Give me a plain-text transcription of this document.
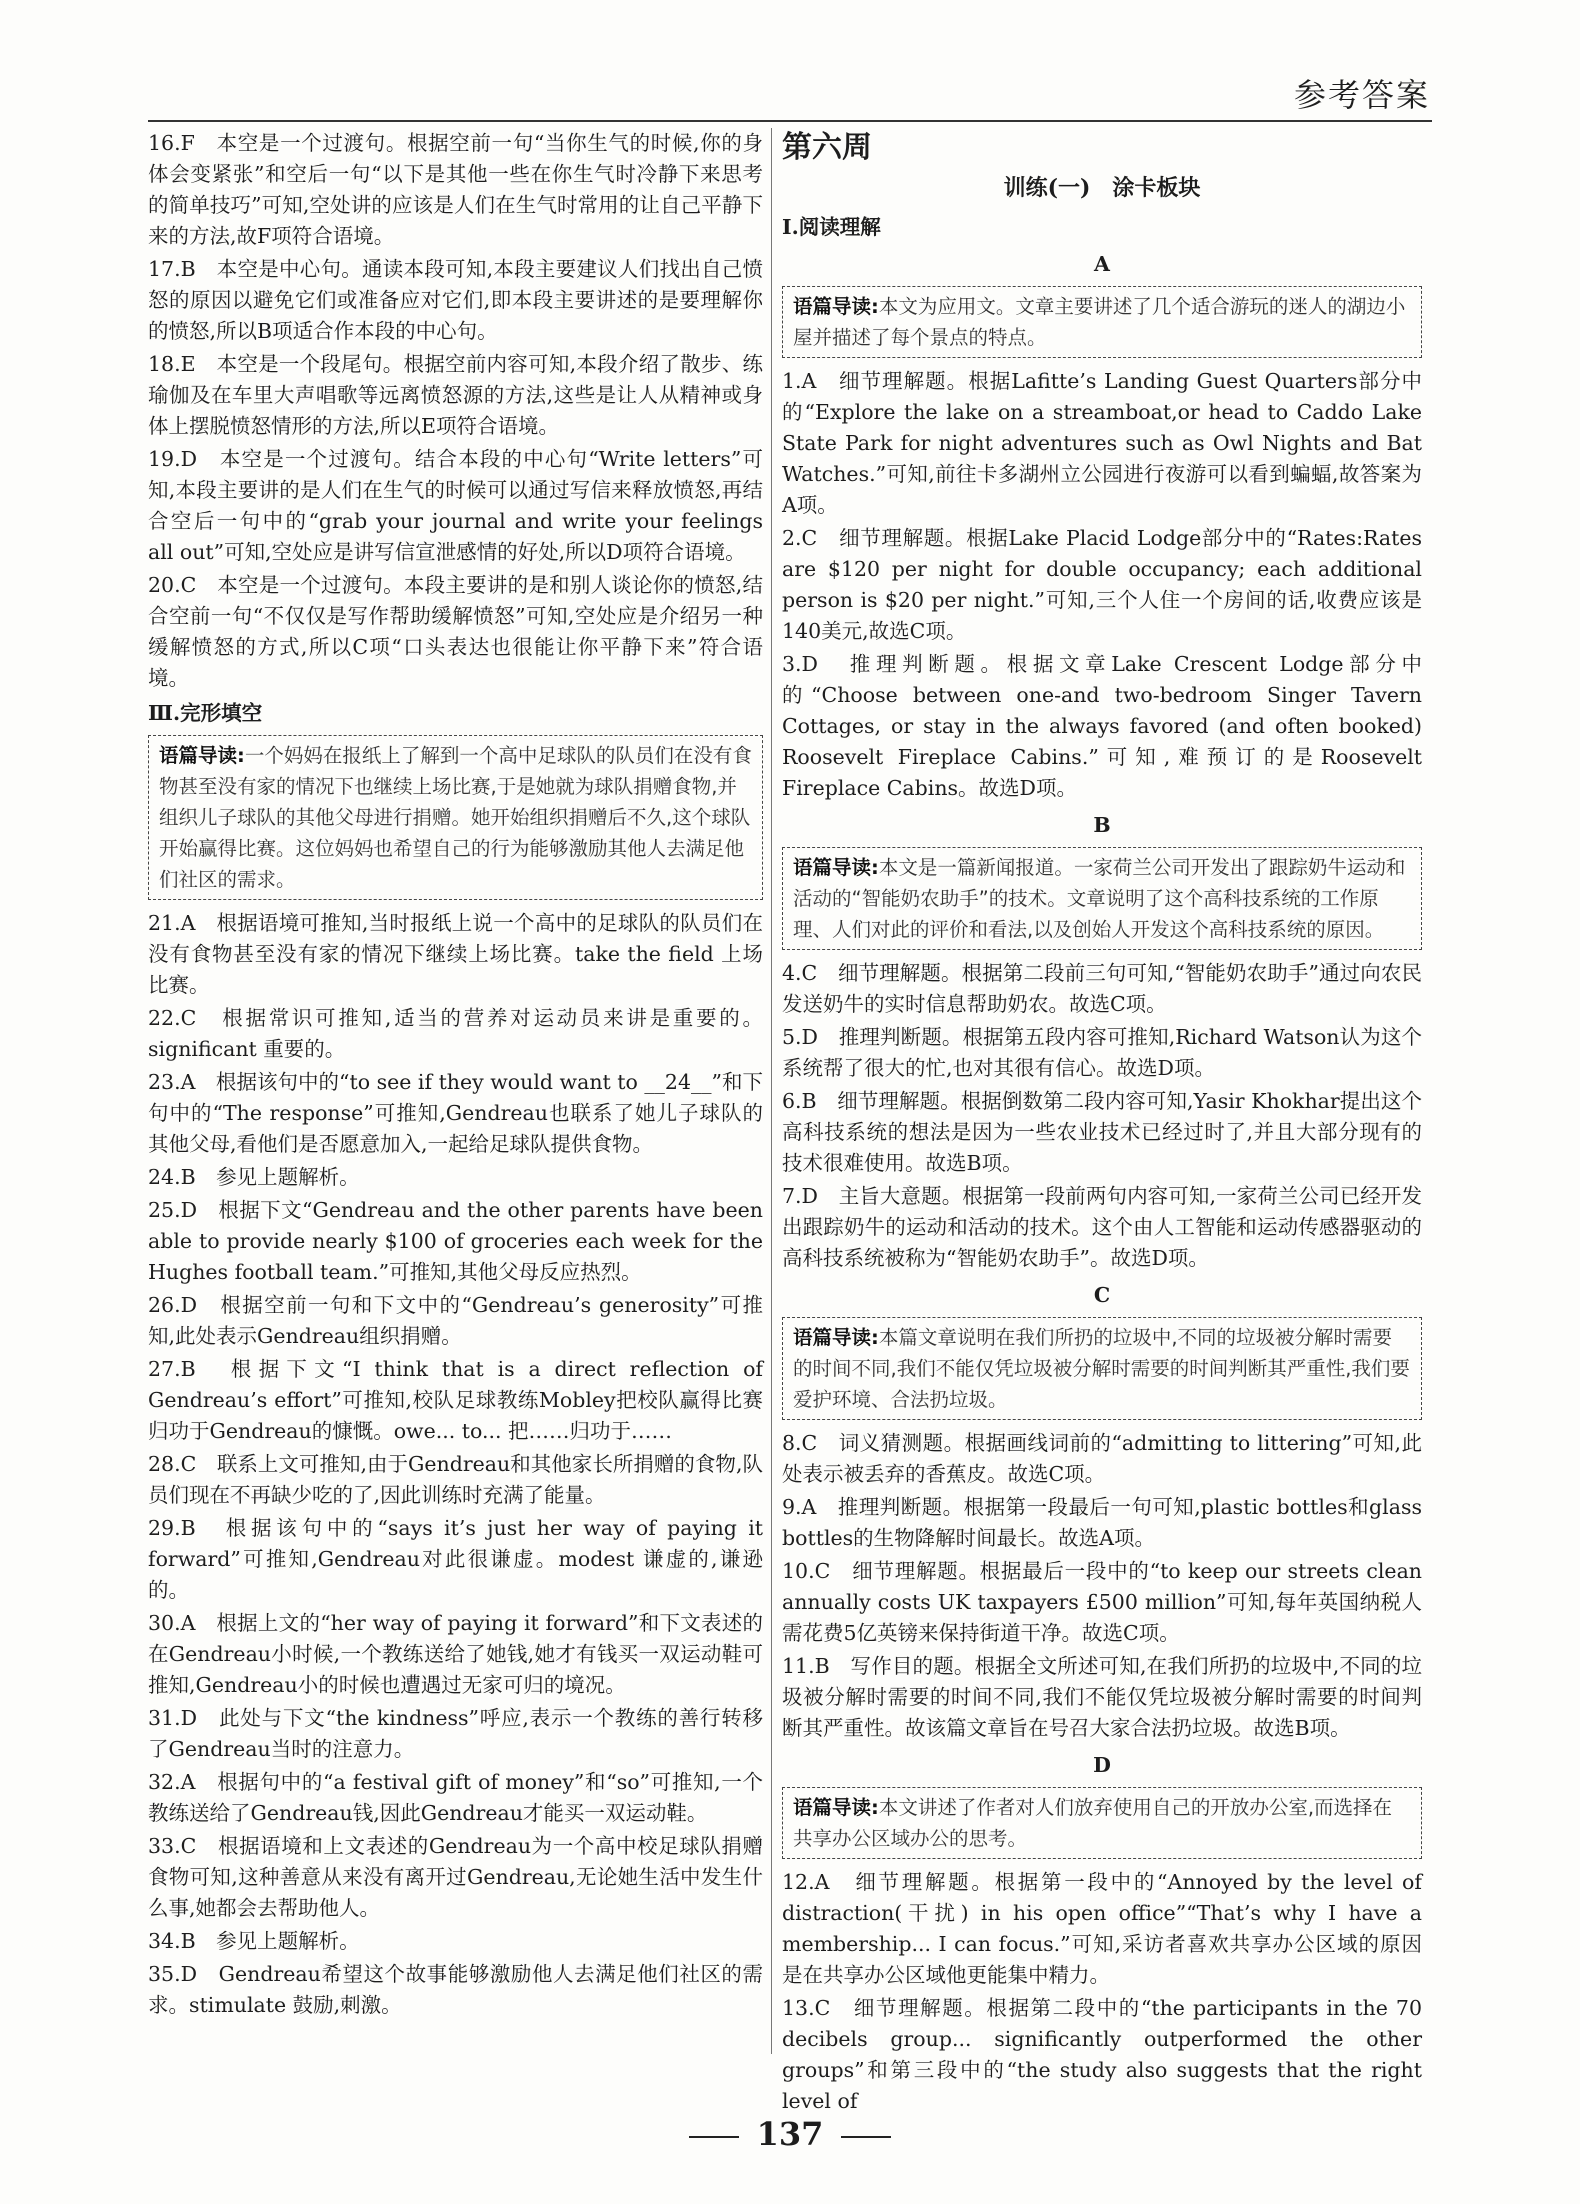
参考答案

16.F　本空是一个过渡句。根据空前一句“当你生气的时候,你的身体会变紧张”和空后一句“以下是其他一些在你生气时冷静下来思考的简单技巧”可知,空处讲的应该是人们在生气时常用的让自己平静下来的方法,故F项符合语境。

17.B　本空是中心句。通读本段可知,本段主要建议人们找出自己愤怒的原因以避免它们或准备应对它们,即本段主要讲述的是要理解你的愤怒,所以B项适合作本段的中心句。

18.E　本空是一个段尾句。根据空前内容可知,本段介绍了散步、练瑜伽及在车里大声唱歌等远离愤怒源的方法,这些是让人从精神或身体上摆脱愤怒情形的方法,所以E项符合语境。

19.D　本空是一个过渡句。结合本段的中心句“Write letters”可知,本段主要讲的是人们在生气的时候可以通过写信来释放愤怒,再结合空后一句中的“grab your journal and write your feelings all out”可知,空处应是讲写信宣泄感情的好处,所以D项符合语境。

20.C　本空是一个过渡句。本段主要讲的是和别人谈论你的愤怒,结合空前一句“不仅仅是写作帮助缓解愤怒”可知,空处应是介绍另一种缓解愤怒的方式,所以C项“口头表达也很能让你平静下来”符合语境。

Ⅲ.完形填空

语篇导读:一个妈妈在报纸上了解到一个高中足球队的队员们在没有食物甚至没有家的情况下也继续上场比赛,于是她就为球队捐赠食物,并组织儿子球队的其他父母进行捐赠。她开始组织捐赠后不久,这个球队开始赢得比赛。这位妈妈也希望自己的行为能够激励其他人去满足他们社区的需求。

21.A　根据语境可推知,当时报纸上说一个高中的足球队的队员们在没有食物甚至没有家的情况下继续上场比赛。take the field 上场比赛。

22.C　根据常识可推知,适当的营养对运动员来讲是重要的。significant 重要的。

23.A　根据该句中的“to see if they would want to __24__”和下句中的“The response”可推知,Gendreau也联系了她儿子球队的其他父母,看他们是否愿意加入,一起给足球队提供食物。

24.B　参见上题解析。

25.D　根据下文“Gendreau and the other parents have been able to provide nearly $100 of groceries each week for the Hughes football team.”可推知,其他父母反应热烈。

26.D　根据空前一句和下文中的“Gendreau’s generosity”可推知,此处表示Gendreau组织捐赠。

27.B　根据下文“I think that is a direct reflection of Gendreau’s effort”可推知,校队足球教练Mobley把校队赢得比赛归功于Gendreau的慷慨。owe... to... 把……归功于……

28.C　联系上文可推知,由于Gendreau和其他家长所捐赠的食物,队员们现在不再缺少吃的了,因此训练时充满了能量。

29.B　根据该句中的“says it’s just her way of paying it forward”可推知,Gendreau对此很谦虚。modest 谦虚的,谦逊的。

30.A　根据上文的“her way of paying it forward”和下文表述的在Gendreau小时候,一个教练送给了她钱,她才有钱买一双运动鞋可推知,Gendreau小的时候也遭遇过无家可归的境况。

31.D　此处与下文“the kindness”呼应,表示一个教练的善行转移了Gendreau当时的注意力。

32.A　根据句中的“a festival gift of money”和“so”可推知,一个教练送给了Gendreau钱,因此Gendreau才能买一双运动鞋。

33.C　根据语境和上文表述的Gendreau为一个高中校足球队捐赠食物可知,这种善意从来没有离开过Gendreau,无论她生活中发生什么事,她都会去帮助他人。

34.B　参见上题解析。

35.D　Gendreau希望这个故事能够激励他人去满足他们社区的需求。stimulate 鼓励,刺激。

第六周
训练(一)　涂卡板块

Ⅰ.阅读理解

A
语篇导读:本文为应用文。文章主要讲述了几个适合游玩的迷人的湖边小屋并描述了每个景点的特点。

1.A　细节理解题。根据Lafitte’s Landing Guest Quarters部分中的“Explore the lake on a streamboat,or head to Caddo Lake State Park for night adventures such as Owl Nights and Bat Watches.”可知,前往卡多湖州立公园进行夜游可以看到蝙蝠,故答案为A项。

2.C　细节理解题。根据Lake Placid Lodge部分中的“Rates:Rates are $120 per night for double occupancy; each additional person is $20 per night.”可知,三个人住一个房间的话,收费应该是140美元,故选C项。

3.D　推理判断题。根据文章Lake Crescent Lodge部分中的“Choose between one-and two-bedroom Singer Tavern Cottages, or stay in the always favored (and often booked) Roosevelt Fireplace Cabins.”可知,难预订的是Roosevelt Fireplace Cabins。故选D项。

B
语篇导读:本文是一篇新闻报道。一家荷兰公司开发出了跟踪奶牛运动和活动的“智能奶农助手”的技术。文章说明了这个高科技系统的工作原理、人们对此的评价和看法,以及创始人开发这个高科技系统的原因。

4.C　细节理解题。根据第二段前三句可知,“智能奶农助手”通过向农民发送奶牛的实时信息帮助奶农。故选C项。

5.D　推理判断题。根据第五段内容可推知,Richard Watson认为这个系统帮了很大的忙,也对其很有信心。故选D项。

6.B　细节理解题。根据倒数第二段内容可知,Yasir Khokhar提出这个高科技系统的想法是因为一些农业技术已经过时了,并且大部分现有的技术很难使用。故选B项。

7.D　主旨大意题。根据第一段前两句内容可知,一家荷兰公司已经开发出跟踪奶牛的运动和活动的技术。这个由人工智能和运动传感器驱动的高科技系统被称为“智能奶农助手”。故选D项。

C
语篇导读:本篇文章说明在我们所扔的垃圾中,不同的垃圾被分解时需要的时间不同,我们不能仅凭垃圾被分解时需要的时间判断其严重性,我们要爱护环境、合法扔垃圾。

8.C　词义猜测题。根据画线词前的“admitting to littering”可知,此处表示被丢弃的香蕉皮。故选C项。

9.A　推理判断题。根据第一段最后一句可知,plastic bottles和glass bottles的生物降解时间最长。故选A项。

10.C　细节理解题。根据最后一段中的“to keep our streets clean annually costs UK taxpayers £500 million”可知,每年英国纳税人需花费5亿英镑来保持街道干净。故选C项。

11.B　写作目的题。根据全文所述可知,在我们所扔的垃圾中,不同的垃圾被分解时需要的时间不同,我们不能仅凭垃圾被分解时需要的时间判断其严重性。故该篇文章旨在号召大家合法扔垃圾。故选B项。

D
语篇导读:本文讲述了作者对人们放弃使用自己的开放办公室,而选择在共享办公区域办公的思考。

12.A　细节理解题。根据第一段中的“Annoyed by the level of distraction(干扰) in his open office”“That’s why I have a membership... I can focus.”可知,采访者喜欢共享办公区域的原因是在共享办公区域他更能集中精力。

13.C　细节理解题。根据第二段中的“the participants in the 70 decibels group... significantly outperformed the other groups”和第三段中的“the study also suggests that the right level of

137
